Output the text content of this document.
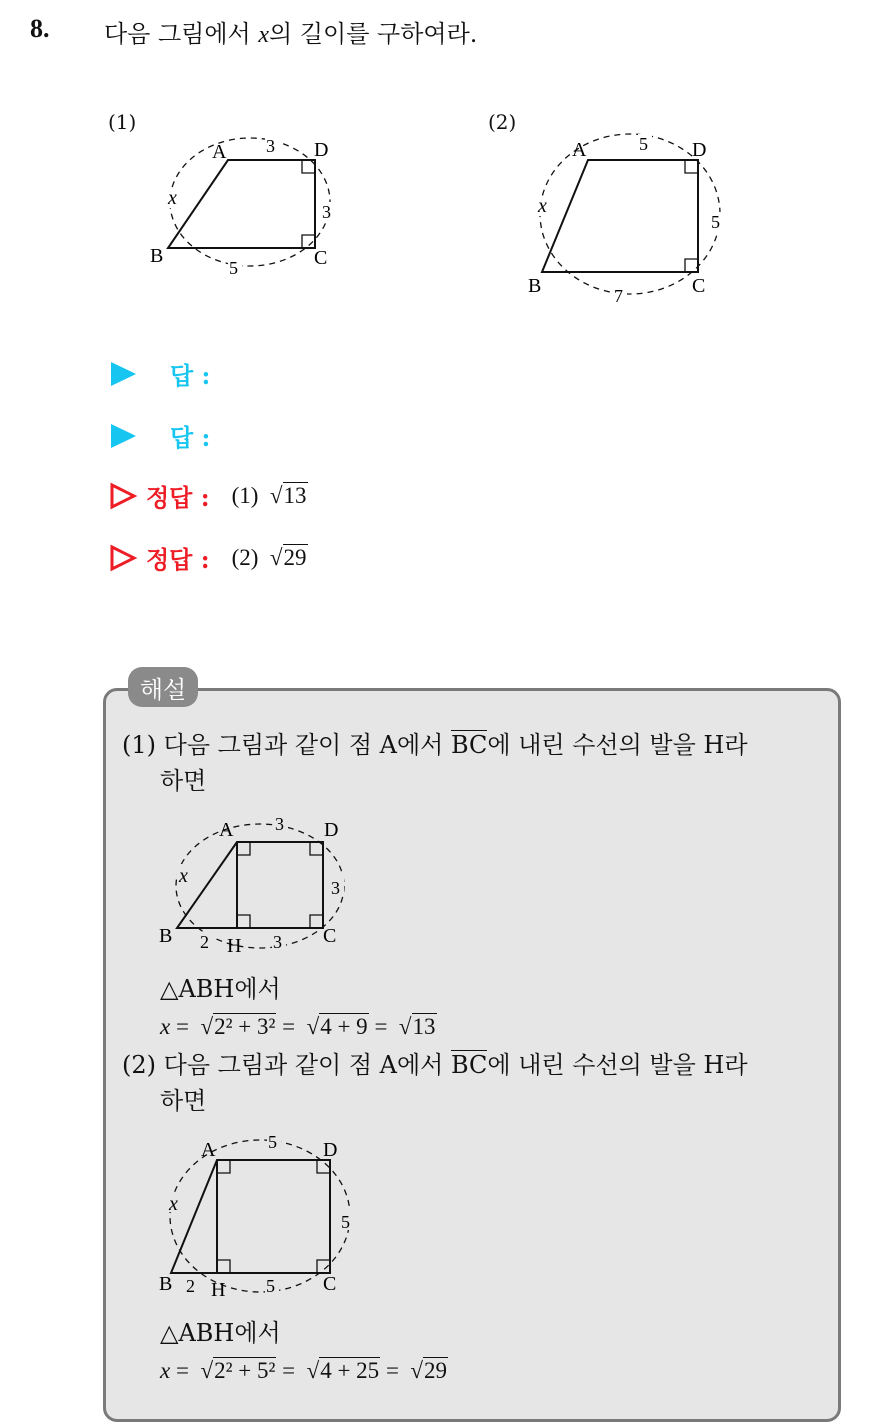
8. 다음 그림에서 x의 길이를 구하여라.
(1)
A	D
B	C
3
3
5
x
(2)
A	D
B	C
5
5
7
x
답 :
답 :
정답 : (1) √13
정답 : (2) √29
해설
(1) 다음 그림과 같이 점 A에서 BC에 내린 수선의 발을 H라
하면
A	D
B	C
H
3
3
2	3
x
△ABH에서
x =  √2² + 3² =  √4 + 9 =  √13
(2) 다음 그림과 같이 점 A에서 BC에 내린 수선의 발을 H라
하면
A	D
B	C
H
5
5
2	5
x
△ABH에서
x =  √2² + 5² =  √4 + 25 =  √29
